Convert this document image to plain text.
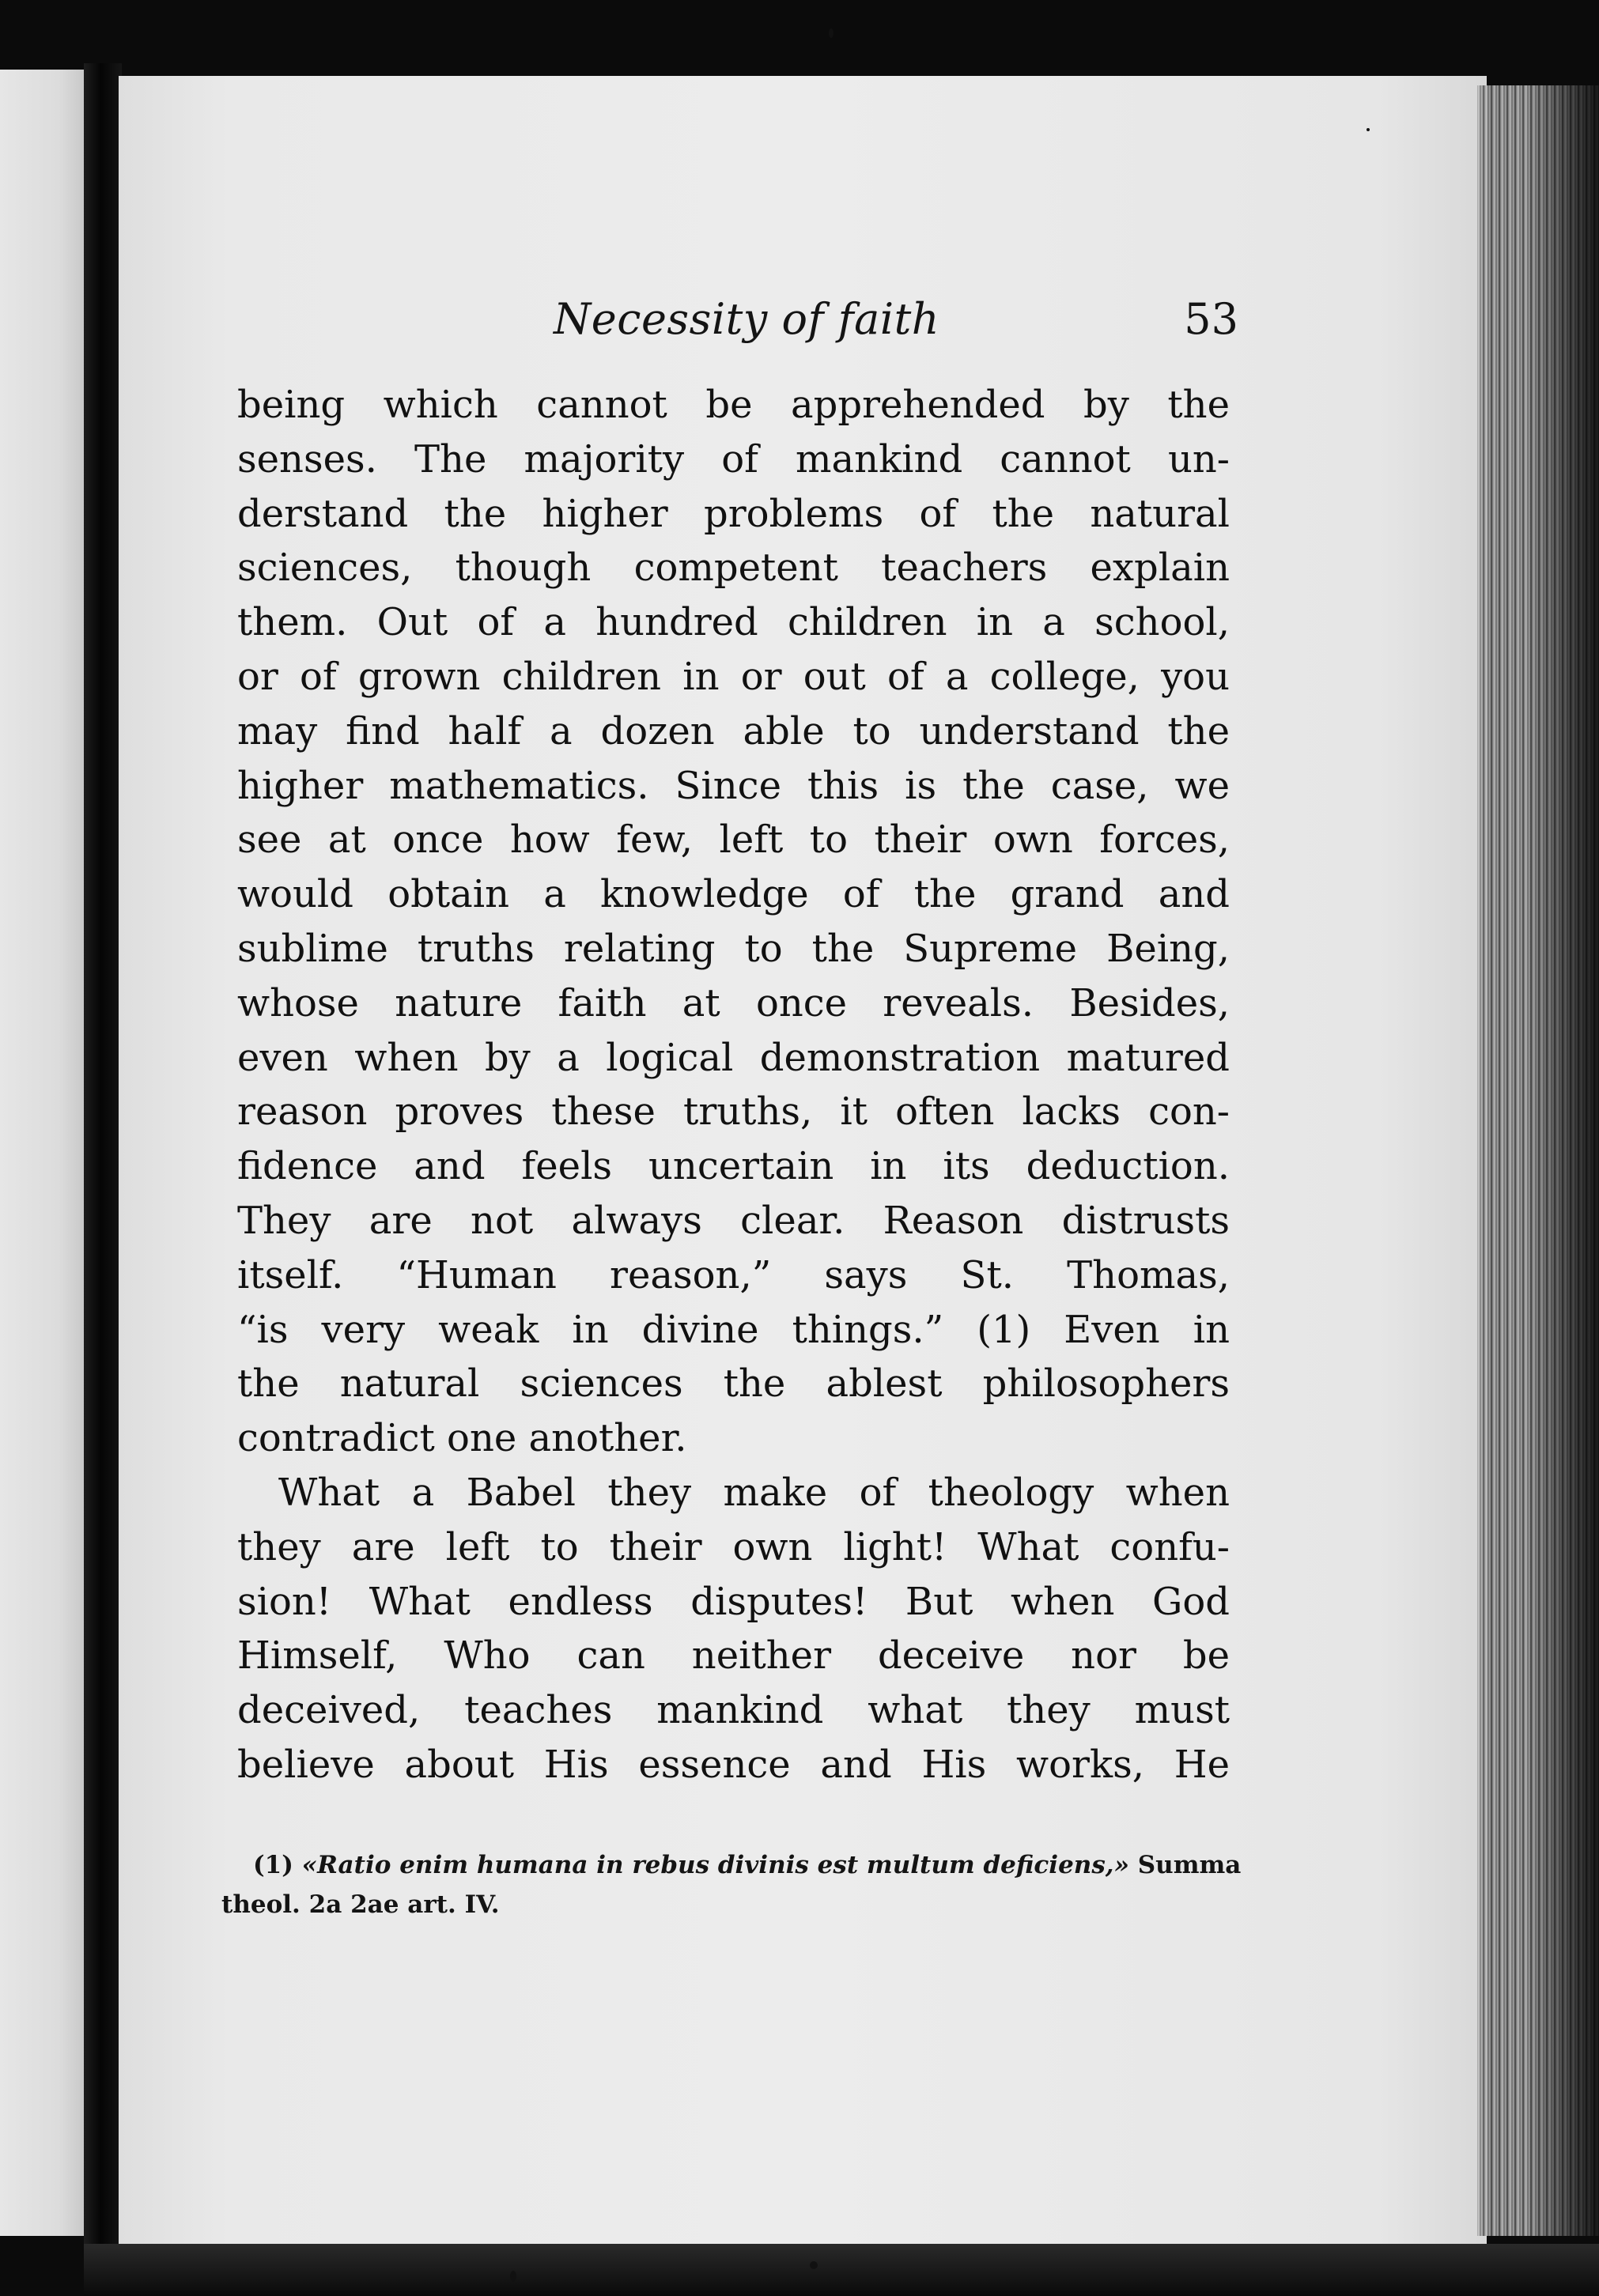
Necessity of faith	53
being which cannot be apprehended by the
senses. The majority of mankind cannot un-
derstand the higher problems of the natural
sciences, though competent teachers explain
them. Out of a hundred children in a school,
or of grown children in or out of a college, you
may find half a dozen able to understand the
higher mathematics. Since this is the case, we
see at once how few, left to their own forces,
would obtain a knowledge of the grand and
sublime truths relating to the Supreme Being,
whose nature faith at once reveals. Besides,
even when by a logical demonstration matured
reason proves these truths, it often lacks con-
fidence and feels uncertain in its deduction.
They are not always clear. Reason distrusts
itself. “Human reason,” says St. Thomas,
“is very weak in divine things.” (1) Even in
the natural sciences the ablest philosophers
contradict one another.
What a Babel they make of theology when
they are left to their own light! What confu-
sion! What endless disputes! But when God
Himself, Who can neither deceive nor be
deceived, teaches mankind what they must
believe about His essence and His works, He
(1) «Ratio enim humana in rebus divinis est multum deficiens,» Summa
theol. 2a 2ae art. IV.
